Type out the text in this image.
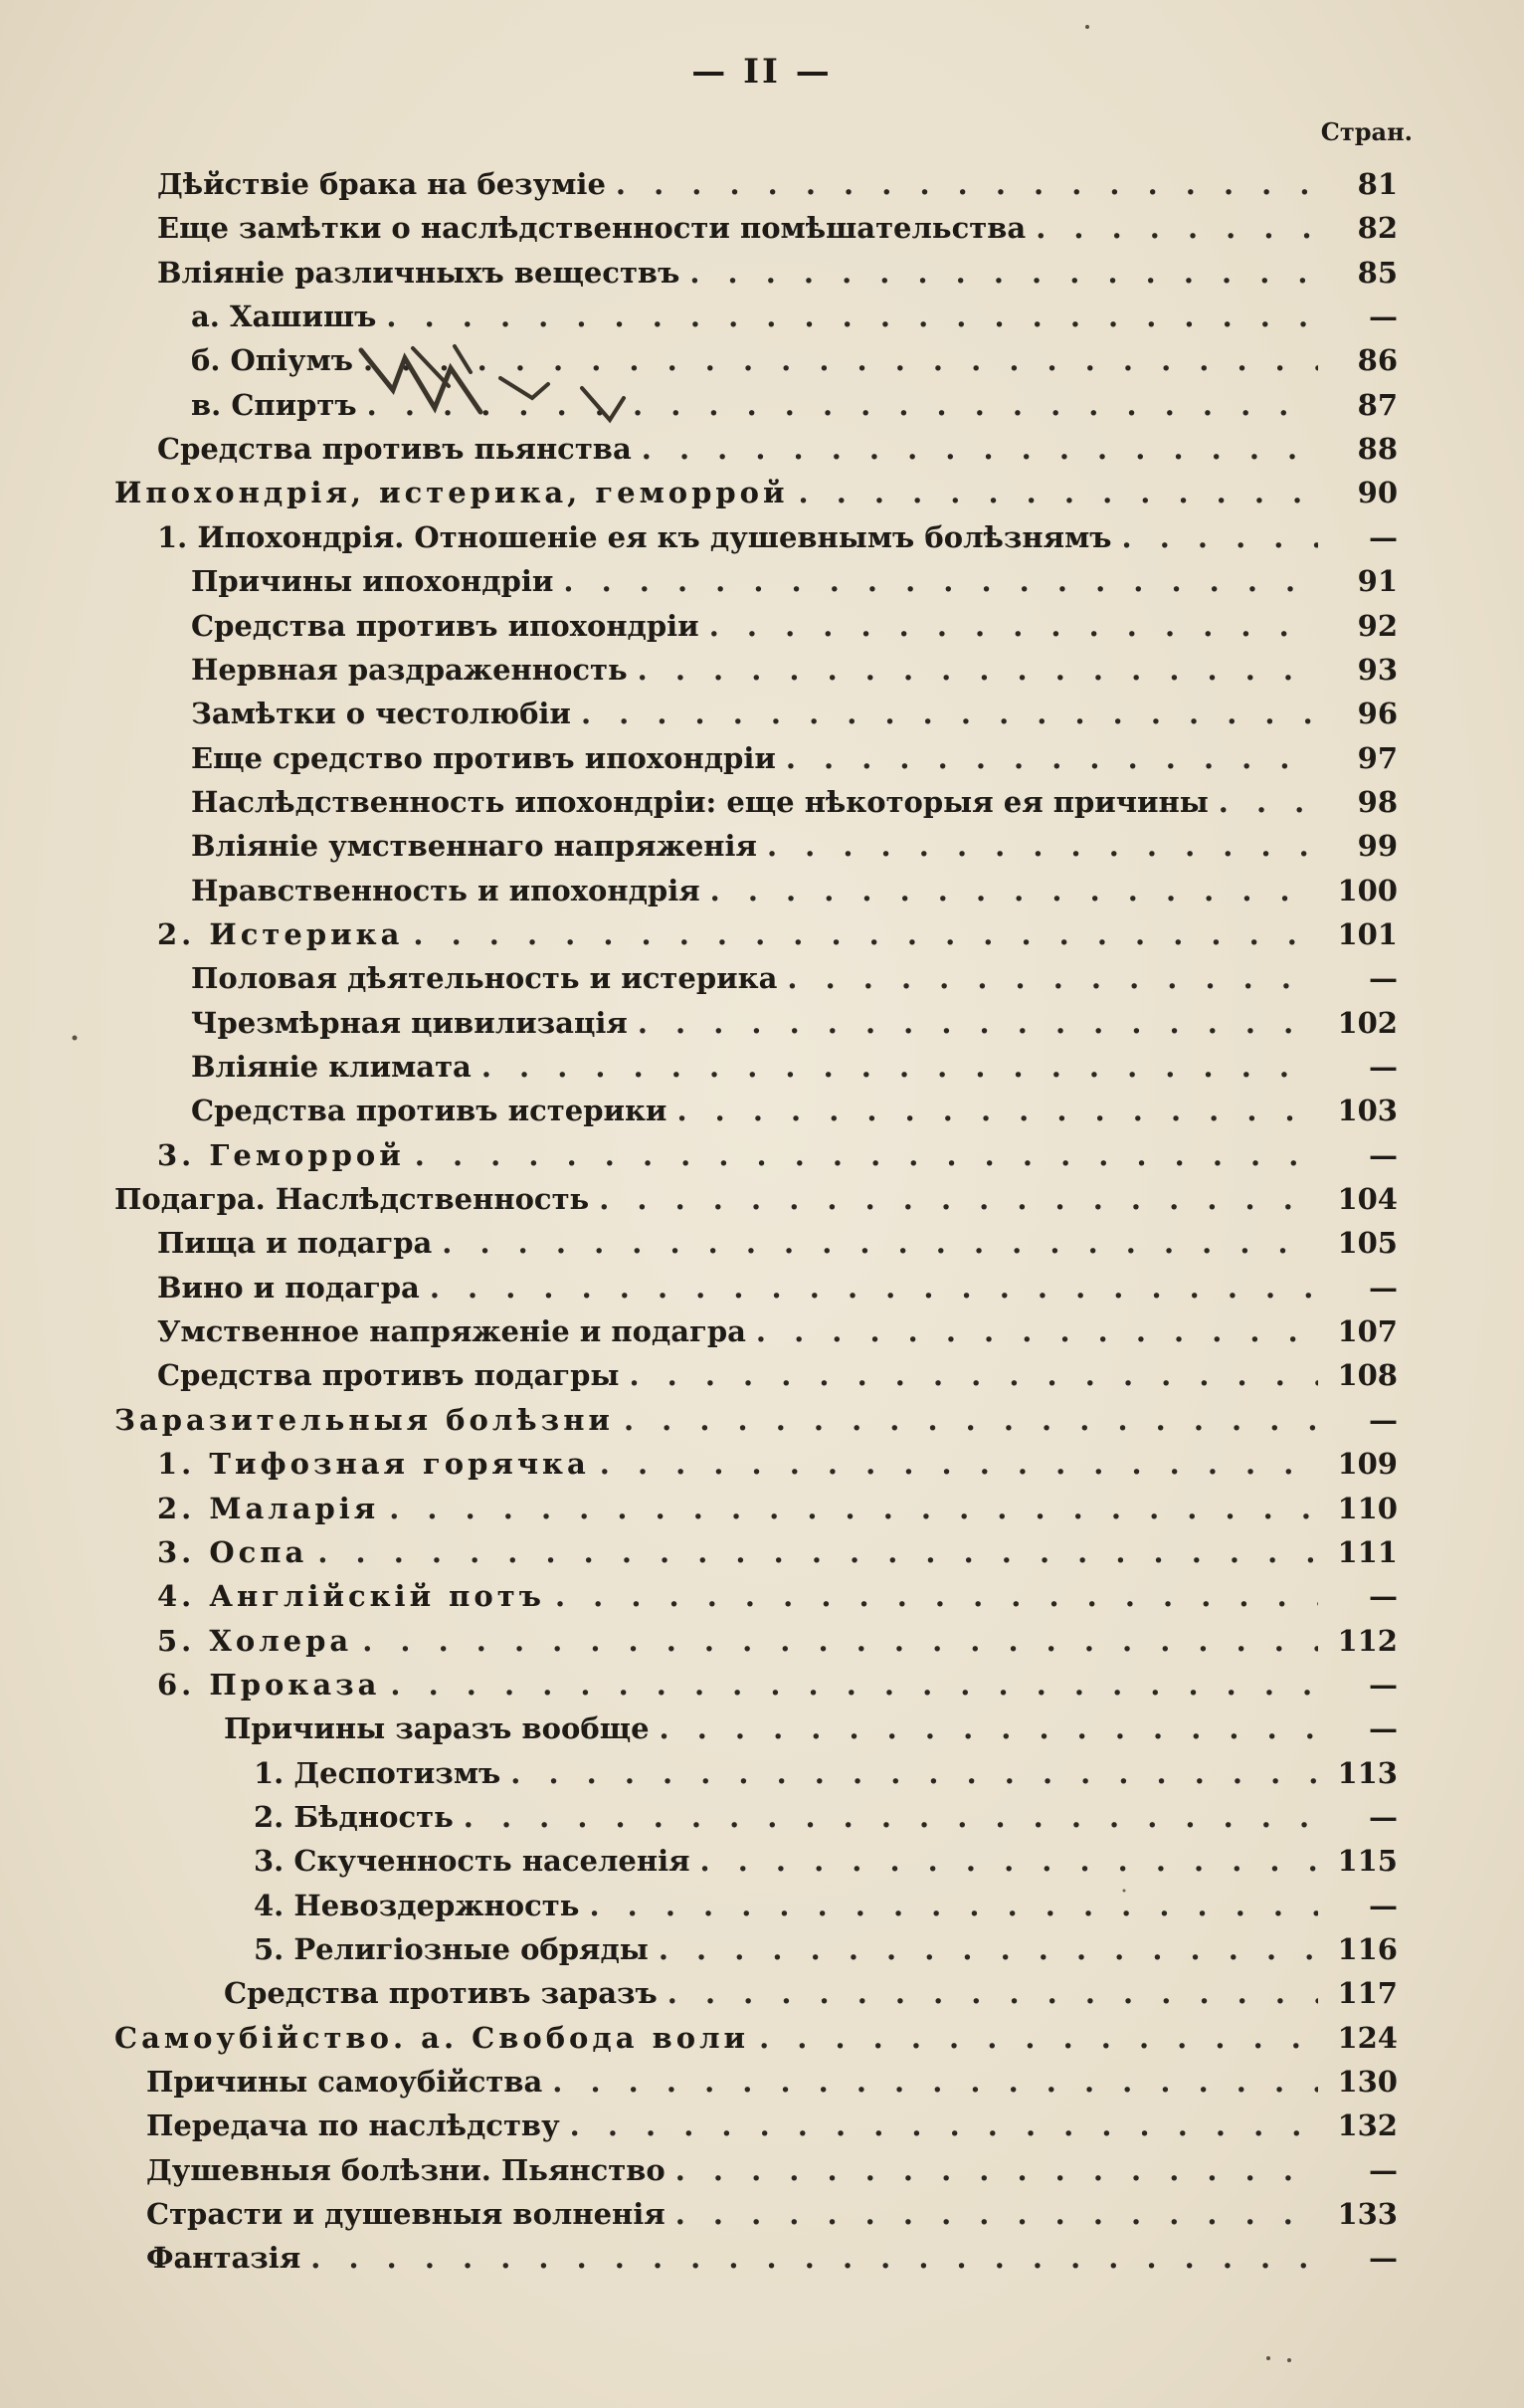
— II —
Стран.
Дѣйствіе брака на безуміе . . .	81
Еще замѣтки о наслѣдственности помѣшательства . . .	82
Вліяніе различныхъ веществъ . . .	85
а. Хашишъ . . .	—
б. Опіумъ . . .	86
в. Спиртъ . . .	87
Средства противъ пьянства . . .	88
Ипохондрія, истерика, геморрой . . .	90
1. Ипохондрія. Отношеніе ея къ душевнымъ болѣзнямъ . . .	—
Причины ипохондріи . . .	91
Средства противъ ипохондріи . . .	92
Нервная раздраженность . . .	93
Замѣтки о честолюбіи . . .	96
Еще средство противъ ипохондріи . . .	97
Наслѣдственность ипохондріи: еще нѣкоторыя ея причины . . .	98
Вліяніе умственнаго напряженія . . .	99
Нравственность и ипохондрія . . .	100
2. Истерика . . .	101
Половая дѣятельность и истерика . . .	—
Чрезмѣрная цивилизація . . .	102
Вліяніе климата . . .	—
Средства противъ истерики . . .	103
3. Геморрой . . .	—
Подагра. Наслѣдственность . . .	104
Пища и подагра . . .	105
Вино и подагра . . .	—
Умственное напряженіе и подагра . . .	107
Средства противъ подагры . . .	108
Заразительныя болѣзни . . .	—
1. Тифозная горячка . . .	109
2. Маларія . . .	110
3. Оспа . . .	111
4. Англійскій потъ . . .	—
5. Холера . . .	112
6. Проказа . . .	—
Причины заразъ вообще . . .	—
1. Деспотизмъ . . .	113
2. Бѣдность . . .	—
3. Скученность населенія . . .	115
4. Невоздержность . . .	—
5. Религіозные обряды . . .	116
Средства противъ заразъ . . .	117
Самоубійство. а. Свобода воли . . .	124
Причины самоубійства . . .	130
Передача по наслѣдству . . .	132
Душевныя болѣзни. Пьянство . . .	—
Страсти и душевныя волненія . . .	133
Фантазія . . .	—
